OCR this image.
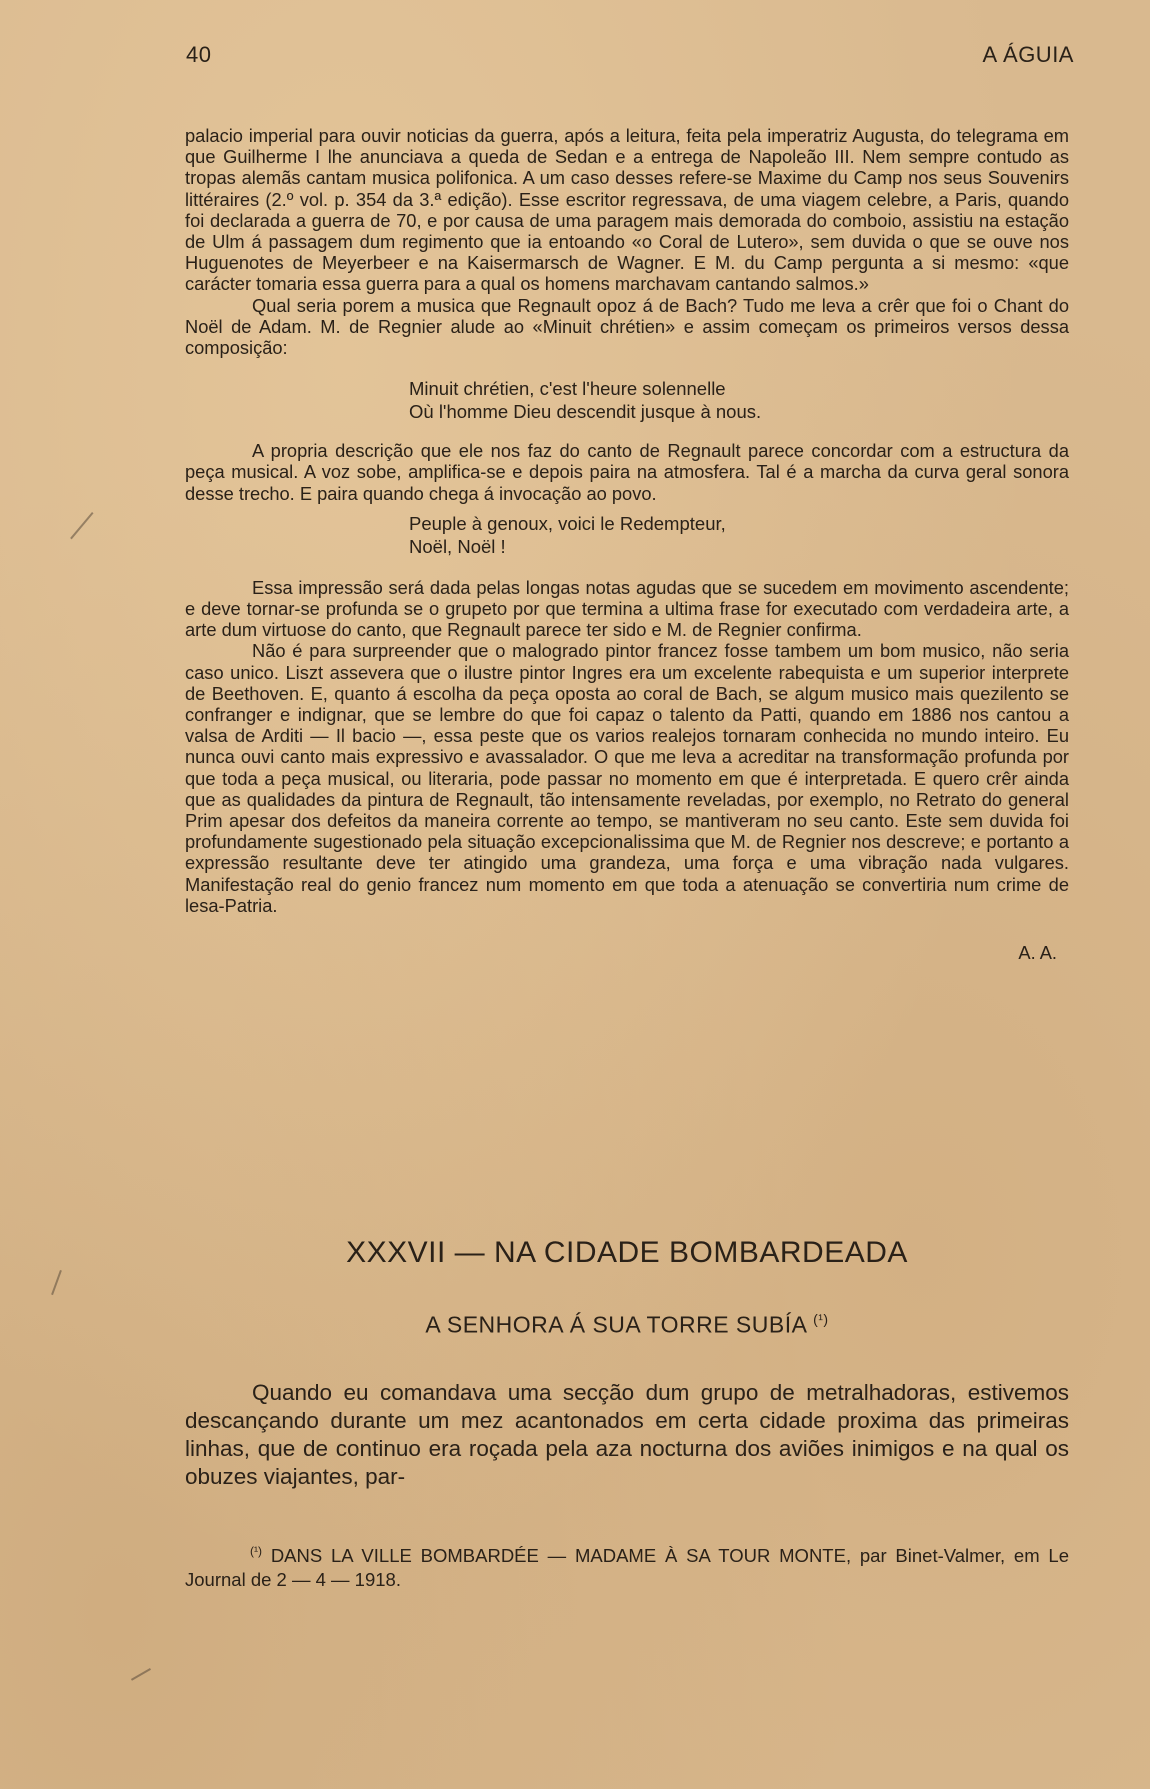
40	A ÁGUIA

palacio imperial para ouvir noticias da guerra, após a leitura, feita pela imperatriz Augusta, do telegrama em que Guilherme I lhe anunciava a queda de Sedan e a entrega de Napoleão III. Nem sempre contudo as tropas alemãs cantam musica polifonica. A um caso desses refere-se Maxime du Camp nos seus Souvenirs littéraires (2.º vol. p. 354 da 3.ª edição). Esse escritor regressava, de uma viagem celebre, a Paris, quando foi declarada a guerra de 70, e por causa de uma paragem mais demorada do comboio, assistiu na estação de Ulm á passagem dum regimento que ia entoando «o Coral de Lutero», sem duvida o que se ouve nos Huguenotes de Meyerbeer e na Kaisermarsch de Wagner. E M. du Camp pergunta a si mesmo: «que carácter tomaria essa guerra para a qual os homens marchavam cantando salmos.»

Qual seria porem a musica que Regnault opoz á de Bach? Tudo me leva a crêr que foi o Chant do Noël de Adam. M. de Regnier alude ao «Minuit chrétien» e assim começam os primeiros versos dessa composição:

Minuit chrétien, c'est l'heure solennelle

Où l'homme Dieu descendit jusque à nous.

A propria descrição que ele nos faz do canto de Regnault parece concordar com a estructura da peça musical. A voz sobe, amplifica-se e depois paira na atmosfera. Tal é a marcha da curva geral sonora desse trecho. E paira quando chega á invocação ao povo.

Peuple à genoux, voici le Redempteur,

Noël, Noël !

Essa impressão será dada pelas longas notas agudas que se sucedem em movimento ascendente; e deve tornar-se profunda se o grupeto por que termina a ultima frase for executado com verdadeira arte, a arte dum virtuose do canto, que Regnault parece ter sido e M. de Regnier confirma.

Não é para surpreender que o malogrado pintor francez fosse tambem um bom musico, não seria caso unico. Liszt assevera que o ilustre pintor Ingres era um excelente rabequista e um superior interprete de Beethoven. E, quanto á escolha da peça oposta ao coral de Bach, se algum musico mais quezilento se confranger e indignar, que se lembre do que foi capaz o talento da Patti, quando em 1886 nos cantou a valsa de Arditi — Il bacio —, essa peste que os varios realejos tornaram conhecida no mundo inteiro. Eu nunca ouvi canto mais expressivo e avassalador. O que me leva a acreditar na transformação profunda por que toda a peça musical, ou literaria, pode passar no momento em que é interpretada. E quero crêr ainda que as qualidades da pintura de Regnault, tão intensamente reveladas, por exemplo, no Retrato do general Prim apesar dos defeitos da maneira corrente ao tempo, se mantiveram no seu canto. Este sem duvida foi profundamente sugestionado pela situação excepcionalissima que M. de Regnier nos descreve; e portanto a expressão resultante deve ter atingido uma grandeza, uma força e uma vibração nada vulgares. Manifestação real do genio francez num momento em que toda a atenuação se convertiria num crime de lesa-Patria.

A. A.

XXXVII — NA CIDADE BOMBARDEADA
A SENHORA Á SUA TORRE SUBÍA $^{(^1)}$

Quando eu comandava uma secção dum grupo de metralhadoras, estivemos descançando durante um mez acantonados em certa cidade proxima das primeiras linhas, que de continuo era roçada pela aza nocturna dos aviões inimigos e na qual os obuzes viajantes, par-

$^{(^1)}$ DANS LA VILLE BOMBARDÉE — MADAME À SA TOUR MONTE, par Binet-Valmer, em Le Journal de 2 — 4 — 1918.
